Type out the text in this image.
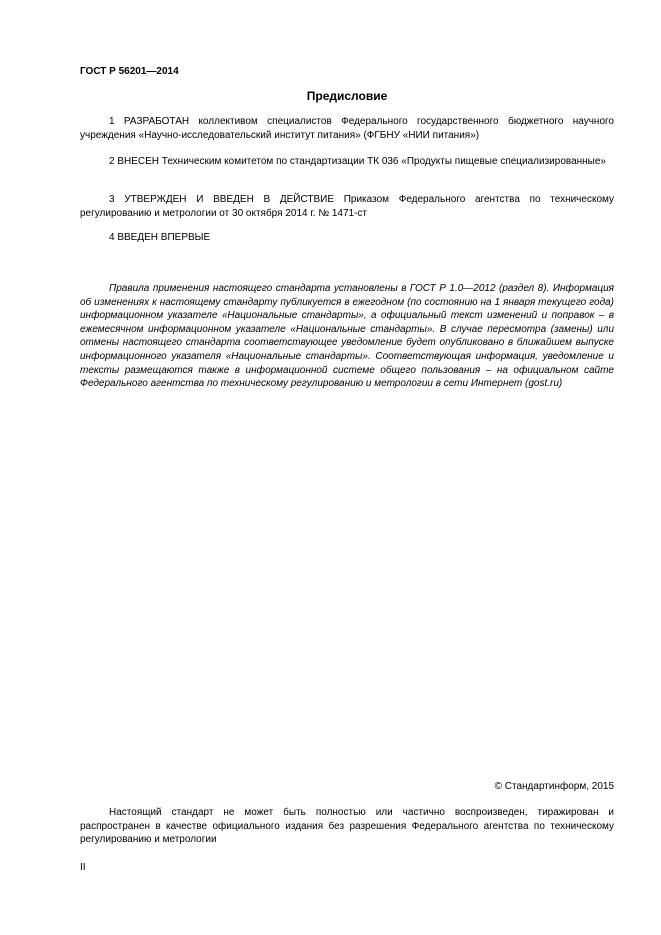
ГОСТ Р 56201—2014
Предисловие

1 РАЗРАБОТАН коллективом специалистов Федерального государственного бюджетного научного учреждения «Научно-исследовательский институт питания» (ФГБНУ «НИИ питания»)

2 ВНЕСЕН Техническим комитетом по стандартизации ТК 036 «Продукты пищевые специализированные»

3 УТВЕРЖДЕН И ВВЕДЕН В ДЕЙСТВИЕ Приказом Федерального агентства по техническому регулированию и метрологии от 30 октября 2014 г. № 1471-ст

4 ВВЕДЕН ВПЕРВЫЕ

Правила применения настоящего стандарта установлены в ГОСТ Р 1.0—2012 (раздел 8). Информация об изменениях к настоящему стандарту публикуется в ежегодном (по состоянию на 1 января текущего года) информационном указателе «Национальные стандарты», а официальный текст изменений и поправок – в ежемесячном информационном указателе «Национальные стандарты». В случае пересмотра (замены) или отмены настоящего стандарта соответствующее уведомление будет опубликовано в ближайшем выпуске информационного указателя «Национальные стандарты». Соответствующая информация, уведомление и тексты размещаются также в информационной системе общего пользования – на официальном сайте Федерального агентства по техническому регулированию и метрологии в сети Интернет (gost.ru)

© Стандартинформ, 2015

Настоящий стандарт не может быть полностью или частично воспроизведен, тиражирован и распространен в качестве официального издания без разрешения Федерального агентства по техническому регулированию и метрологии

II
